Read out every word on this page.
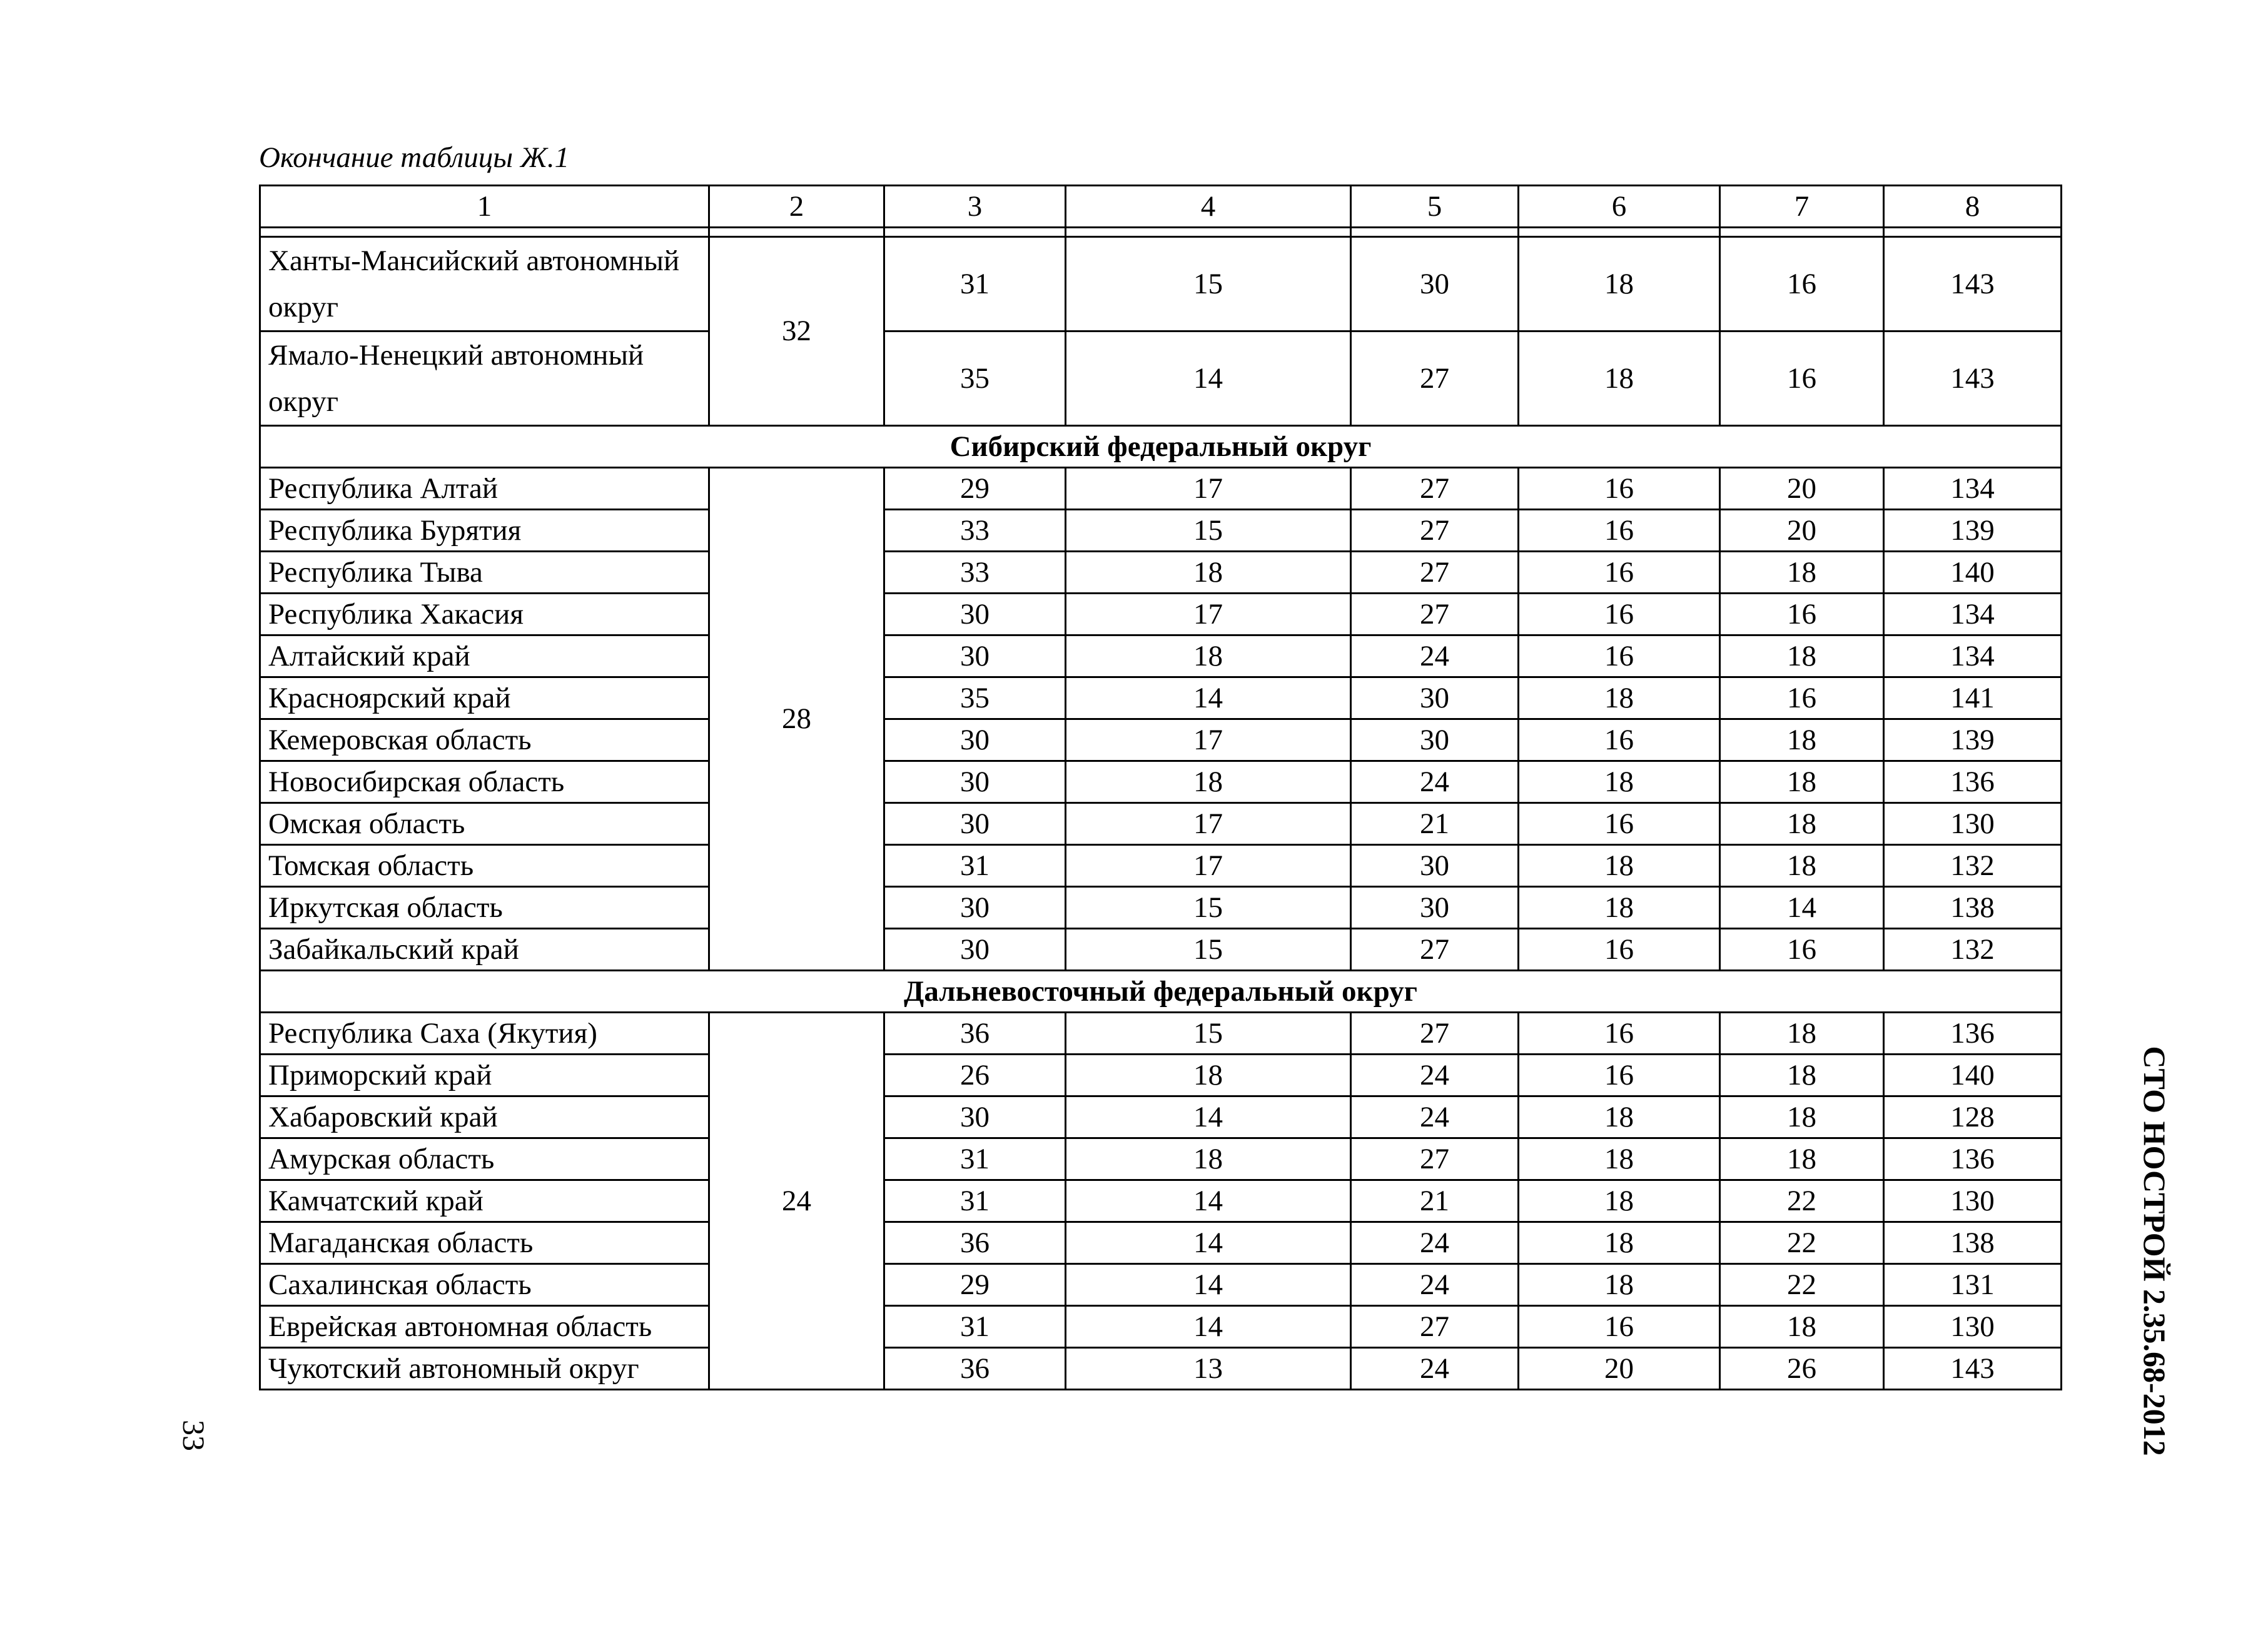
Окончание таблицы Ж.1
1	2	3	4	5	6	7	8

Ханты-Мансийский автономный округ	32	31	15	30	18	16	143
Ямало-Ненецкий автономный округ		35	14	27	18	16	143
Сибирский федеральный округ							
Республика Алтай	28	29	17	27	16	20	134
Республика Бурятия		33	15	27	16	20	139
Республика Тыва		33	18	27	16	18	140
Республика Хакасия		30	17	27	16	16	134
Алтайский край		30	18	24	16	18	134
Красноярский край		35	14	30	18	16	141
Кемеровская область		30	17	30	16	18	139
Новосибирская область		30	18	24	18	18	136
Омская область		30	17	21	16	18	130
Томская область		31	17	30	18	18	132
Иркутская область		30	15	30	18	14	138
Забайкальский край		30	15	27	16	16	132
Дальневосточный федеральный округ							
Республика Саха (Якутия)	24	36	15	27	16	18	136
Приморский край		26	18	24	16	18	140
Хабаровский край		30	14	24	18	18	128
Амурская область		31	18	27	18	18	136
Камчатский край		31	14	21	18	22	130
Магаданская область		36	14	24	18	22	138
Сахалинская область		29	14	24	18	22	131
Еврейская автономная область		31	14	27	16	18	130
Чукотский автономный округ		36	13	24	20	26	143	СТО НОСТРОЙ 2.35.68-2012
33
